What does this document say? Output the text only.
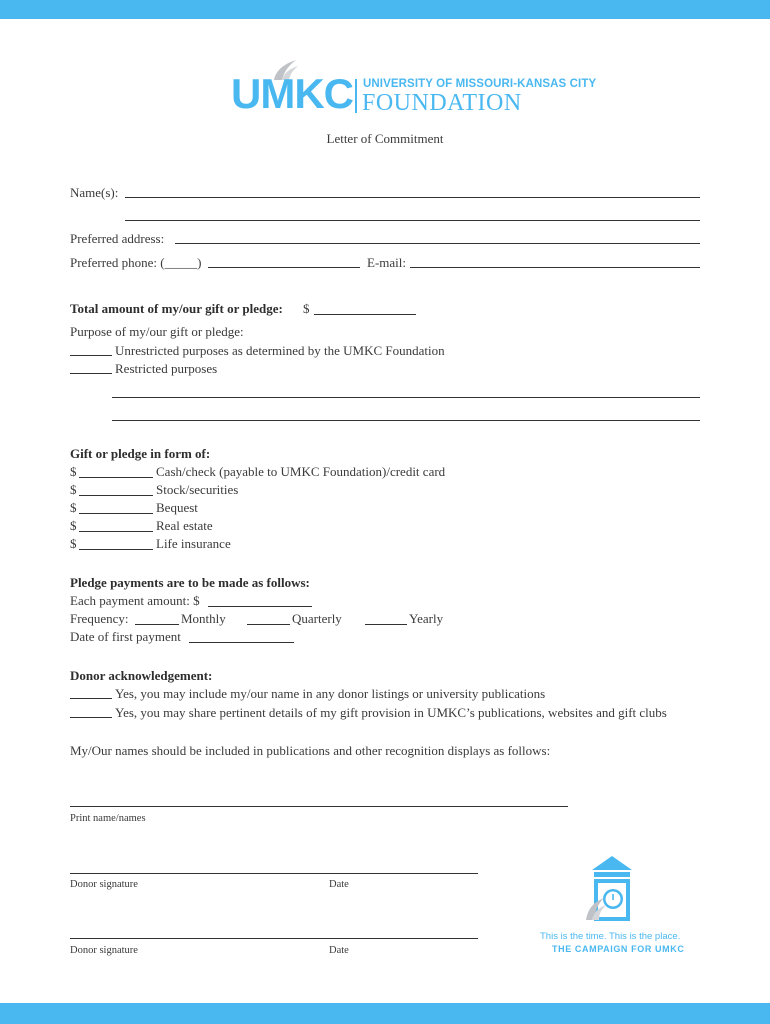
UMKC UNIVERSITY OF MISSOURI-KANSAS CITY
FOUNDATION
Letter of Commitment
Name(s):
Preferred address:
Preferred phone: (_____)	E-mail:
Total amount of my/our gift or pledge: $
Purpose of my/our gift or pledge:
Unrestricted purposes as determined by the UMKC Foundation
Restricted purposes
Gift or pledge in form of:
$	Cash/check (payable to UMKC Foundation)/credit card
$	Stock/securities
$	Bequest
$	Real estate
$	Life insurance
Pledge payments are to be made as follows:
Each payment amount: $
Frequency:	Monthly	Quarterly	Yearly
Date of first payment
Donor acknowledgement:
Yes, you may include my/our name in any donor listings or university publications
Yes, you may share pertinent details of my gift provision in UMKC’s publications, websites and gift clubs
My/Our names should be included in publications and other recognition displays as follows:
Print name/names
Donor signature	Date
Donor signature	Date
This is the time. This is the place.
THE CAMPAIGN FOR UMKC
